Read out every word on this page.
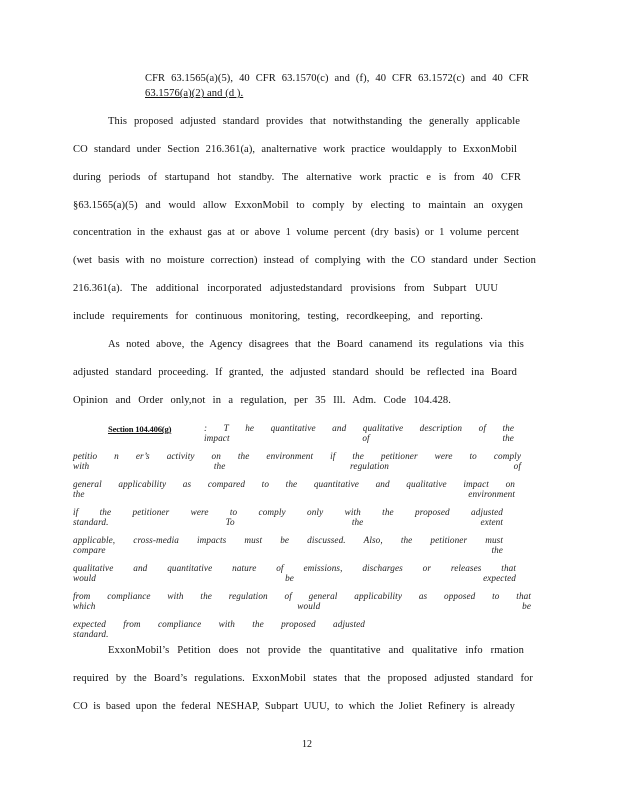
CFR 63.1565(a)(5), 40 CFR 63.1570(c) and (f), 40 CFR 63.1572(c) and 40 CFR
63.1576(a)(2) and (d ).
This proposed adjusted standard provides that notwithstanding the generally applicable
CO standard under Section 216.361(a), analternative work practice wouldapply to ExxonMobil
during periods of startupand hot standby. The alternative work practic e is from 40 CFR
§63.1565(a)(5) and would allow ExxonMobil to comply by electing to maintain an oxygen
concentration in the exhaust gas at or above 1 volume percent (dry basis) or 1 volume percent
(wet basis with no moisture correction) instead of complying with the CO standard under Section
216.361(a). The additional incorporated adjustedstandard provisions from Subpart UUU
include requirements for continuous monitoring, testing, recordkeeping, and reporting.
As noted above, the Agency disagrees that the Board canamend its regulations via this
adjusted standard proceeding. If granted, the adjusted standard should be reflected ina Board
Opinion and Order only,not in a regulation, per 35 Ill. Adm. Code 104.428.
Section 104.406(g)	: T he quantitative and qualitative description of the impact of the
petitio n er’s activity on the environment if the petitioner were to comply with the regulation of
general applicability as compared to the quantitative and qualitative impact on the environment
if the petitioner were to comply only with the proposed adjusted standard. To the extent
applicable, cross-media impacts must be discussed. Also, the petitioner must compare the
qualitative and quantitative nature of emissions, discharges or releases that would be expected
from compliance with the regulation of general applicability as opposed to that which would be
expected from compliance with the proposed adjusted standard.
ExxonMobil’s Petition does not provide the quantitative and qualitative info rmation
required by the Board’s regulations. ExxonMobil states that the proposed adjusted standard for
CO is based upon the federal NESHAP, Subpart UUU, to which the Joliet Refinery is already
12
